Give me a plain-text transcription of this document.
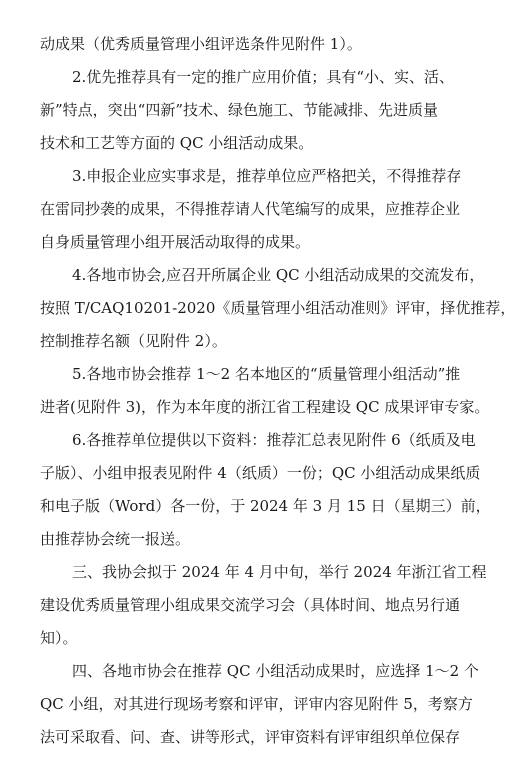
动成果（优秀质量管理小组评选条件见附件 1）。
2.优先推荐具有一定的推广应用价值；具有“小、实、活、
新”特点，突出“四新”技术、绿色施工、节能减排、先进质量
技术和工艺等方面的 QC 小组活动成果。
3.申报企业应实事求是，推荐单位应严格把关，不得推荐存
在雷同抄袭的成果，不得推荐请人代笔编写的成果，应推荐企业
自身质量管理小组开展活动取得的成果。
4.各地市协会,应召开所属企业 QC 小组活动成果的交流发布，
按照 T/CAQ10201-2020《质量管理小组活动准则》评审，择优推荐，
控制推荐名额（见附件 2）。
5.各地市协会推荐 1～2 名本地区的“质量管理小组活动”推
进者(见附件 3)，作为本年度的浙江省工程建设 QC 成果评审专家。
6.各推荐单位提供以下资料：推荐汇总表见附件 6（纸质及电
子版）、小组申报表见附件 4（纸质）一份；QC 小组活动成果纸质
和电子版（Word）各一份，于 2024 年 3 月 15 日（星期三）前，
由推荐协会统一报送。
三、我协会拟于 2024 年 4 月中旬，举行 2024 年浙江省工程
建设优秀质量管理小组成果交流学习会（具体时间、地点另行通
知）。
四、各地市协会在推荐 QC 小组活动成果时，应选择 1～2 个
QC 小组，对其进行现场考察和评审，评审内容见附件 5，考察方
法可采取看、问、查、讲等形式，评审资料有评审组织单位保存
